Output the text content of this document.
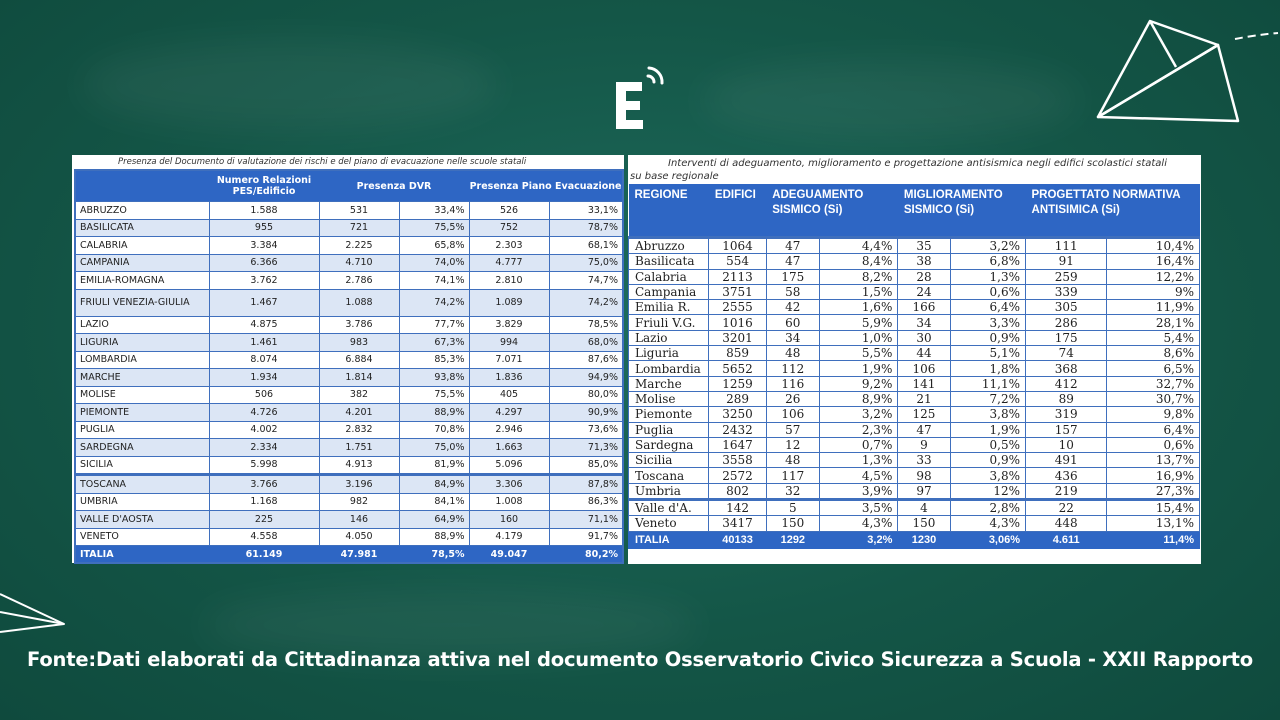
Presenza del Documento di valutazione dei rischi e del piano di evacuazione nelle scuole statali
	Numero Relazioni PES/Edificio	Presenza DVR		Presenza Piano Evacuazione	
ABRUZZO	1.588	531	33,4%	526	33,1%
BASILICATA	955	721	75,5%	752	78,7%
CALABRIA	3.384	2.225	65,8%	2.303	68,1%
CAMPANIA	6.366	4.710	74,0%	4.777	75,0%
EMILIA-ROMAGNA	3.762	2.786	74,1%	2.810	74,7%
FRIULI VENEZIA-GIULIA	1.467	1.088	74,2%	1.089	74,2%
LAZIO	4.875	3.786	77,7%	3.829	78,5%
LIGURIA	1.461	983	67,3%	994	68,0%
LOMBARDIA	8.074	6.884	85,3%	7.071	87,6%
MARCHE	1.934	1.814	93,8%	1.836	94,9%
MOLISE	506	382	75,5%	405	80,0%
PIEMONTE	4.726	4.201	88,9%	4.297	90,9%
PUGLIA	4.002	2.832	70,8%	2.946	73,6%
SARDEGNA	2.334	1.751	75,0%	1.663	71,3%
SICILIA	5.998	4.913	81,9%	5.096	85,0%
TOSCANA	3.766	3.196	84,9%	3.306	87,8%
UMBRIA	1.168	982	84,1%	1.008	86,3%
VALLE D'AOSTA	225	146	64,9%	160	71,1%
VENETO	4.558	4.050	88,9%	4.179	91,7%
ITALIA	61.149	47.981	78,5%	49.047	80,2%
Interventi di adeguamento, miglioramento e progettazione antisismica negli edifici scolastici statali
su base regionale
REGIONE	EDIFICI	ADEGUAMENTO SISMICO (Si)		MIGLIORAMENTO SISMICO (Si)		PROGETTATO NORMATIVA ANTISIMICA (Si)	
Abruzzo	1064	47	4,4%	35	3,2%	111	10,4%
Basilicata	554	47	8,4%	38	6,8%	91	16,4%
Calabria	2113	175	8,2%	28	1,3%	259	12,2%
Campania	3751	58	1,5%	24	0,6%	339	9%
Emilia R.	2555	42	1,6%	166	6,4%	305	11,9%
Friuli V.G.	1016	60	5,9%	34	3,3%	286	28,1%
Lazio	3201	34	1,0%	30	0,9%	175	5,4%
Liguria	859	48	5,5%	44	5,1%	74	8,6%
Lombardia	5652	112	1,9%	106	1,8%	368	6,5%
Marche	1259	116	9,2%	141	11,1%	412	32,7%
Molise	289	26	8,9%	21	7,2%	89	30,7%
Piemonte	3250	106	3,2%	125	3,8%	319	9,8%
Puglia	2432	57	2,3%	47	1,9%	157	6,4%
Sardegna	1647	12	0,7%	9	0,5%	10	0,6%
Sicilia	3558	48	1,3%	33	0,9%	491	13,7%
Toscana	2572	117	4,5%	98	3,8%	436	16,9%
Umbria	802	32	3,9%	97	12%	219	27,3%
Valle d'A.	142	5	3,5%	4	2,8%	22	15,4%
Veneto	3417	150	4,3%	150	4,3%	448	13,1%
ITALIA	40133	1292	3,2%	1230	3,06%	4.611	11,4%
Fonte:Dati elaborati da Cittadinanza attiva nel documento Osservatorio Civico Sicurezza a Scuola - XXII Rapporto
